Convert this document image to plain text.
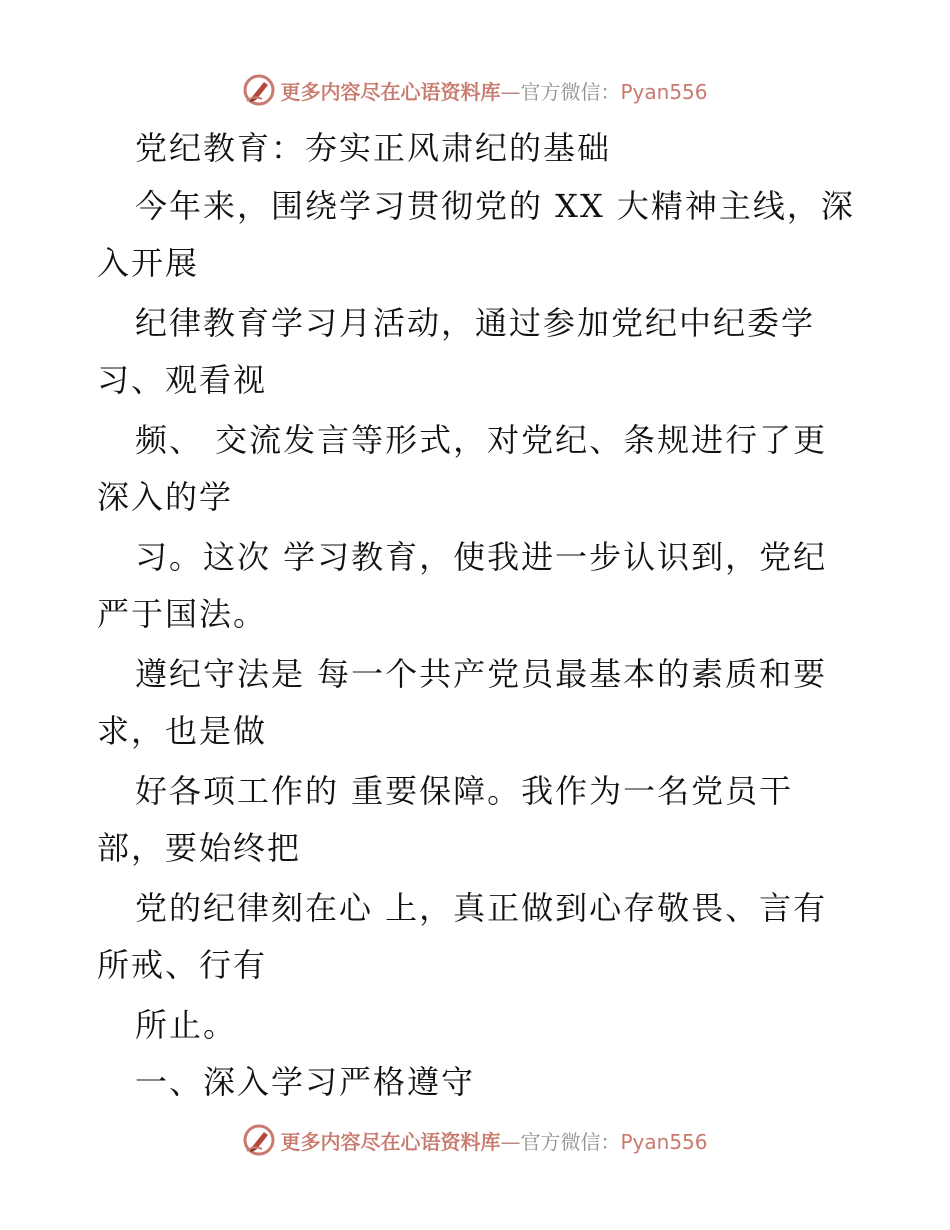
更多内容尽在心语资料库—官方微信：Pyan556
党纪教育：夯实正风肃纪的基础
今年来，围绕学习贯彻党的 XX 大精神主线，深
入开展
纪律教育学习月活动，通过参加党纪中纪委学
习、观看视
频、 交流发言等形式，对党纪、条规进行了更
深入的学
习。这次 学习教育，使我进一步认识到，党纪
严于国法。
遵纪守法是 每一个共产党员最基本的素质和要
求，也是做
好各项工作的 重要保障。我作为一名党员干
部，要始终把
党的纪律刻在心 上，真正做到心存敬畏、言有
所戒、行有
所止。
一、深入学习严格遵守
更多内容尽在心语资料库—官方微信：Pyan556
